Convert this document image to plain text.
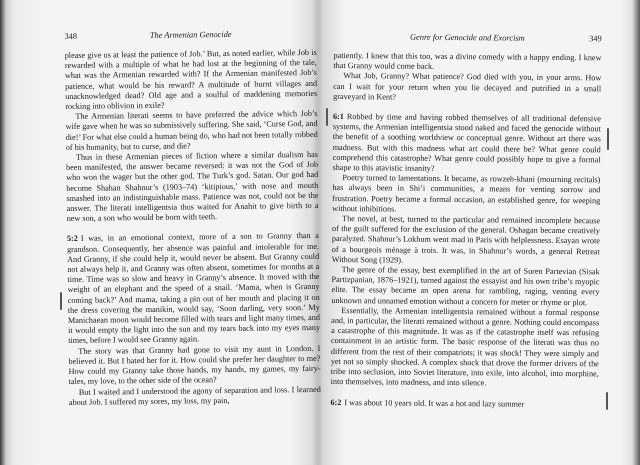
348	The Armenian Genocide

please give us at least the patience of Job.’ But, as noted earlier, while Job is rewarded with a multiple of what he had lost at the beginning of the tale, what was the Armenian rewarded with? If the Armenian manifested Job’s patience, what would be his reward? A multitude of burnt villages and unacknowledged dead? Old age and a soulful of maddening memories rocking into oblivion in exile?

The Armenian literati seems to have preferred the advice which Job’s wife gave when he was so submissively suffering. She said, ‘Curse God, and die!’ For what else could a human being do, who had not been totally robbed of his humanity, but to curse, and die?

Thus in these Armenian pieces of fiction where a similar dualism has been manifested, the answer became reversed: it was not the God of Job who won the wager but the other god. The Turk’s god. Satan. Our god had become Shahan Shahnur’s (1903–74) ‘kitipious,’ with nose and mouth smashed into an indistinguishable mass. Patience was not, could not be the answer. The literati intelligentsia thus waited for Anahit to give birth to a new son, a son who would be born with teeth.

5:2 I was, in an emotional context, more of a son to Granny than a grandson. Consequently, her absence was painful and intolerable for me. And Granny, if she could help it, would never be absent. But Granny could not always help it, and Granny was often absent, sometimes for months at a time. Time was so slow and heavy in Granny’s absence. It moved with the weight of an elephant and the speed of a snail. ‘Mama, when is Granny coming back?’ And mama, taking a pin out of her mouth and placing it on the dress covering the manikin, would say, ‘Soon darling, very soon.’ My Manichaean moon would become filled with tears and light many times, and it would empty the light into the sun and my tears back into my eyes many times, before I would see Granny again.

The story was that Granny had gone to visit my aunt in London. I believed it. But I hated her for it. How could she prefer her daughter to me? How could my Granny take those hands, my hands, my games, my fairy-tales, my love, to the other side of the ocean?

But I waited and I understood the agony of separation and loss. I learned about Job. I suffered my sores, my loss, my pain,

Genre for Genocide and Exorcism	349

patiently. I knew that this too, was a divine comedy with a happy ending. I knew that Granny would come back.

What Job, Granny? What patience? God died with you, in your arms. How can I wait for your return when you lie decayed and putrified in a small graveyard in Kent?

6:1 Robbed by time and having robbed themselves of all traditional defensive systems, the Armenian intelligentsia stood naked and faced the genocide without the benefit of a soothing worldview or conceptual genre. Without art there was madness. But with this madness what art could there be? What genre could comprehend this catastrophe? What genre could possibly hope to give a formal shape to this atavistic insanity?

Poetry turned to lamentations. It became, as rowzeh-khani (mourning recitals) has always been in Shi’i communities, a means for venting sorrow and frustration. Poetry became a formal occasion, an established genre, for weeping without inhibitions.

The novel, at best, turned to the particular and remained incomplete because of the guilt suffered for the exclusion of the general. Oshagan became creatively paralyzed. Shahnur’s Lokhum went mad in Paris with helplessness. Esayan wrote of a bourgeois ménage à trois. It was, in Shahnur’s words, a general Retreat Without Song (1929).

The genre of the essay, best exemplified in the art of Suren Partevian (Sisak Partizpanian, 1876–1921), turned against the essayist and his own tribe’s myopic elite. The essay became an open arena for rambling, raging, venting every unknown and unnamed emotion without a concern for meter or rhyme or plot.

Essentially, the Armenian intelligentsia remained without a formal response and, in particular, the literati remained without a genre. Nothing could encompass a catastrophe of this magnitude. It was as if the catastrophe itself was refusing containment in an artistic form. The basic response of the literati was thus no different from the rest of their compatriots; it was shock! They were simply and yet not so simply shocked. A complex shock that drove the former drivers of the tribe into seclusion, into Soviet literature, into exile, into alcohol, into morphine, into themselves, into madness, and into silence.

6:2 I was about 10 years old. It was a hot and lazy summer
